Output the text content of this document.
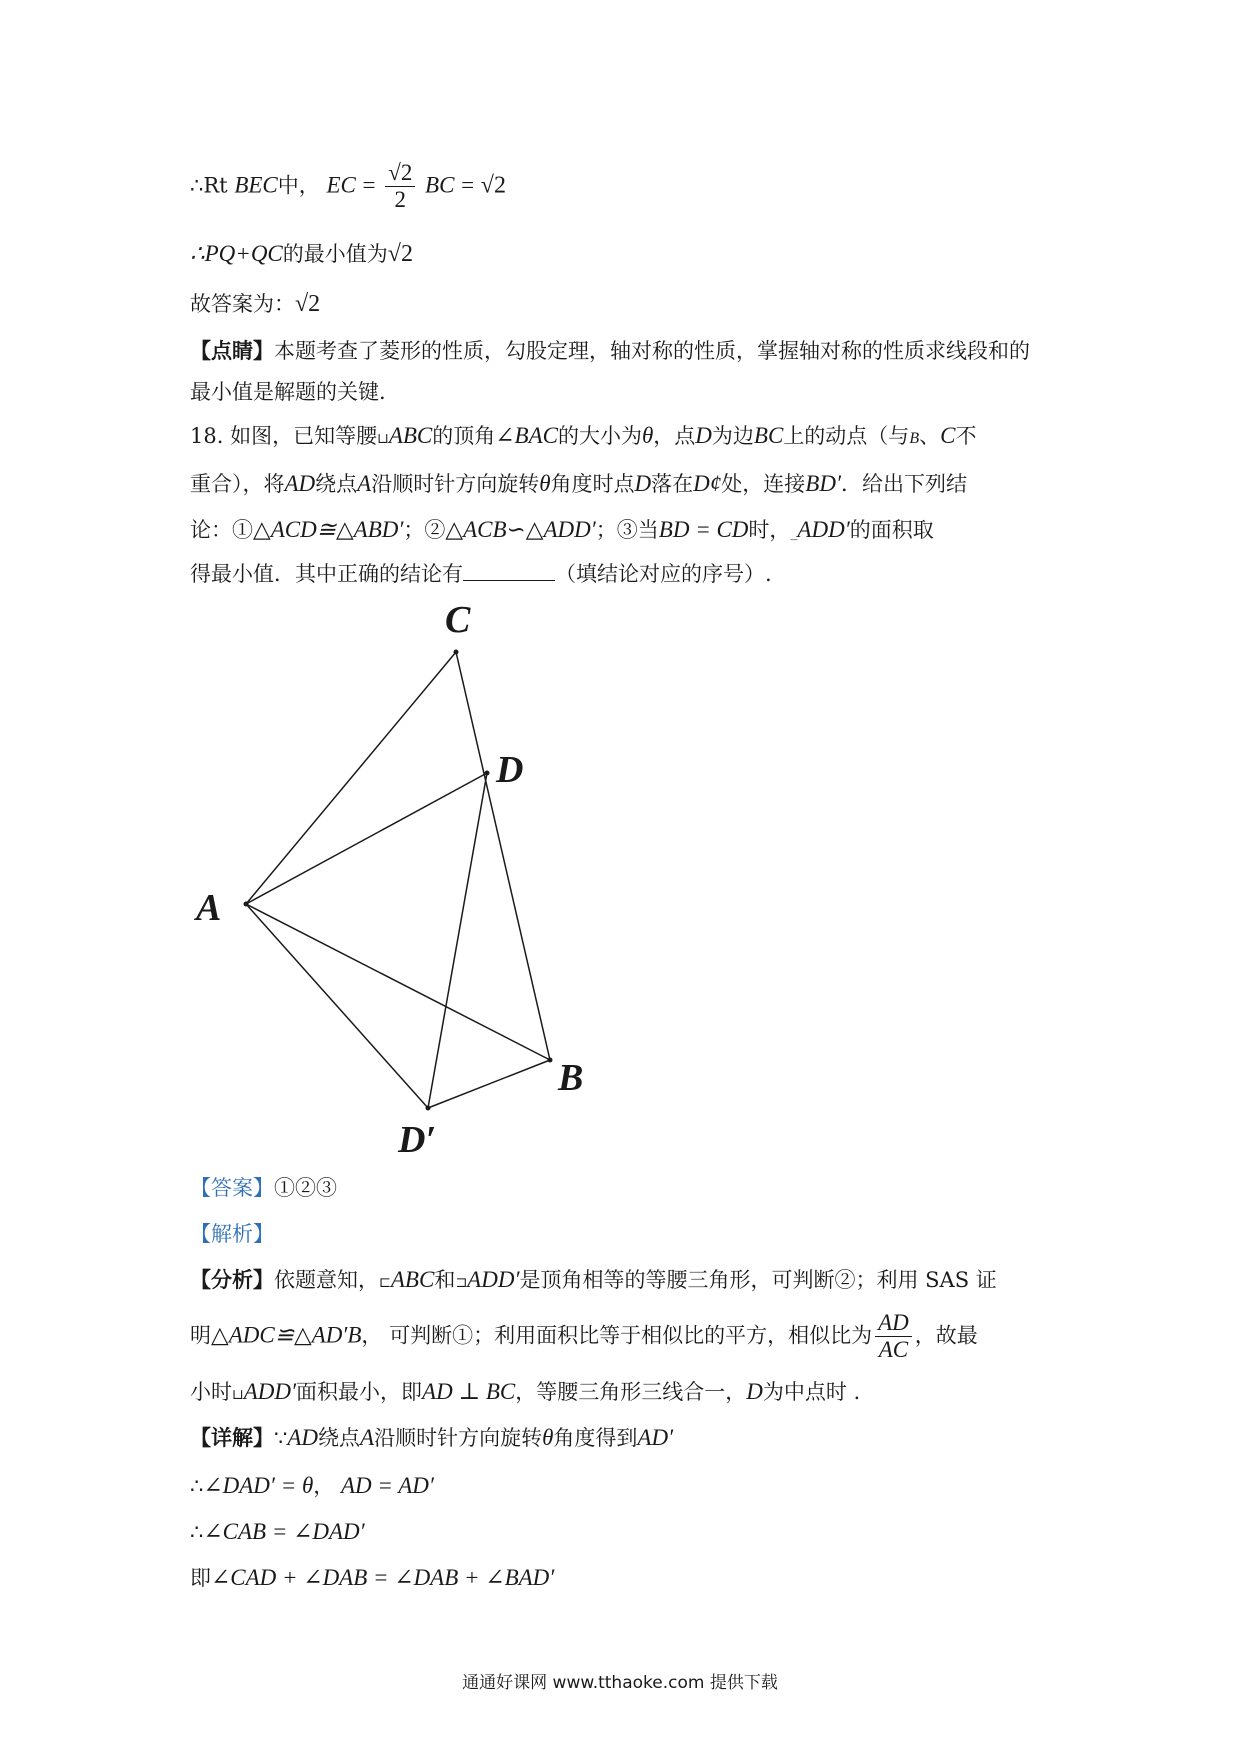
∴Rt BEC中， EC = $\frac{√2}{2}$ BC = √2
∴PQ+QC的最小值为√2
故答案为：√2
【点睛】本题考查了菱形的性质，勾股定理，轴对称的性质，掌握轴对称的性质求线段和的
最小值是解题的关键.
18. 如图，已知等腰⊔ABC的顶角∠BAC的大小为θ，点D为边BC上的动点（与B、C不
重合），将AD绕点A沿顺时针方向旋转θ角度时点D落在D¢处，连接BD′．给出下列结
论：①△ACD≅△ABD′；②△ACB∽△ADD′；③当BD = CD时，_ADD′的面积取
得最小值．其中正确的结论有	（填结论对应的序号）.
C
D
A
B
D′
【答案】①②③
【解析】
【分析】依题意知，⊏ABC和⊐ADD′是顶角相等的等腰三角形，可判断②；利用 SAS 证
明△ADC≌△AD′B， 可判断①；利用面积比等于相似比的平方，相似比为 $\frac{AD}{AC}$ ，故最
小时⊔ADD′面积最小，即AD ⊥ BC，等腰三角形三线合一，D为中点时 .
【详解】∵AD绕点A沿顺时针方向旋转θ角度得到AD′
∴∠DAD′ = θ， AD = AD′
∴∠CAB = ∠DAD′
即∠CAD + ∠DAB = ∠DAB + ∠BAD′
通通好课网 www.tthaoke.com 提供下载
